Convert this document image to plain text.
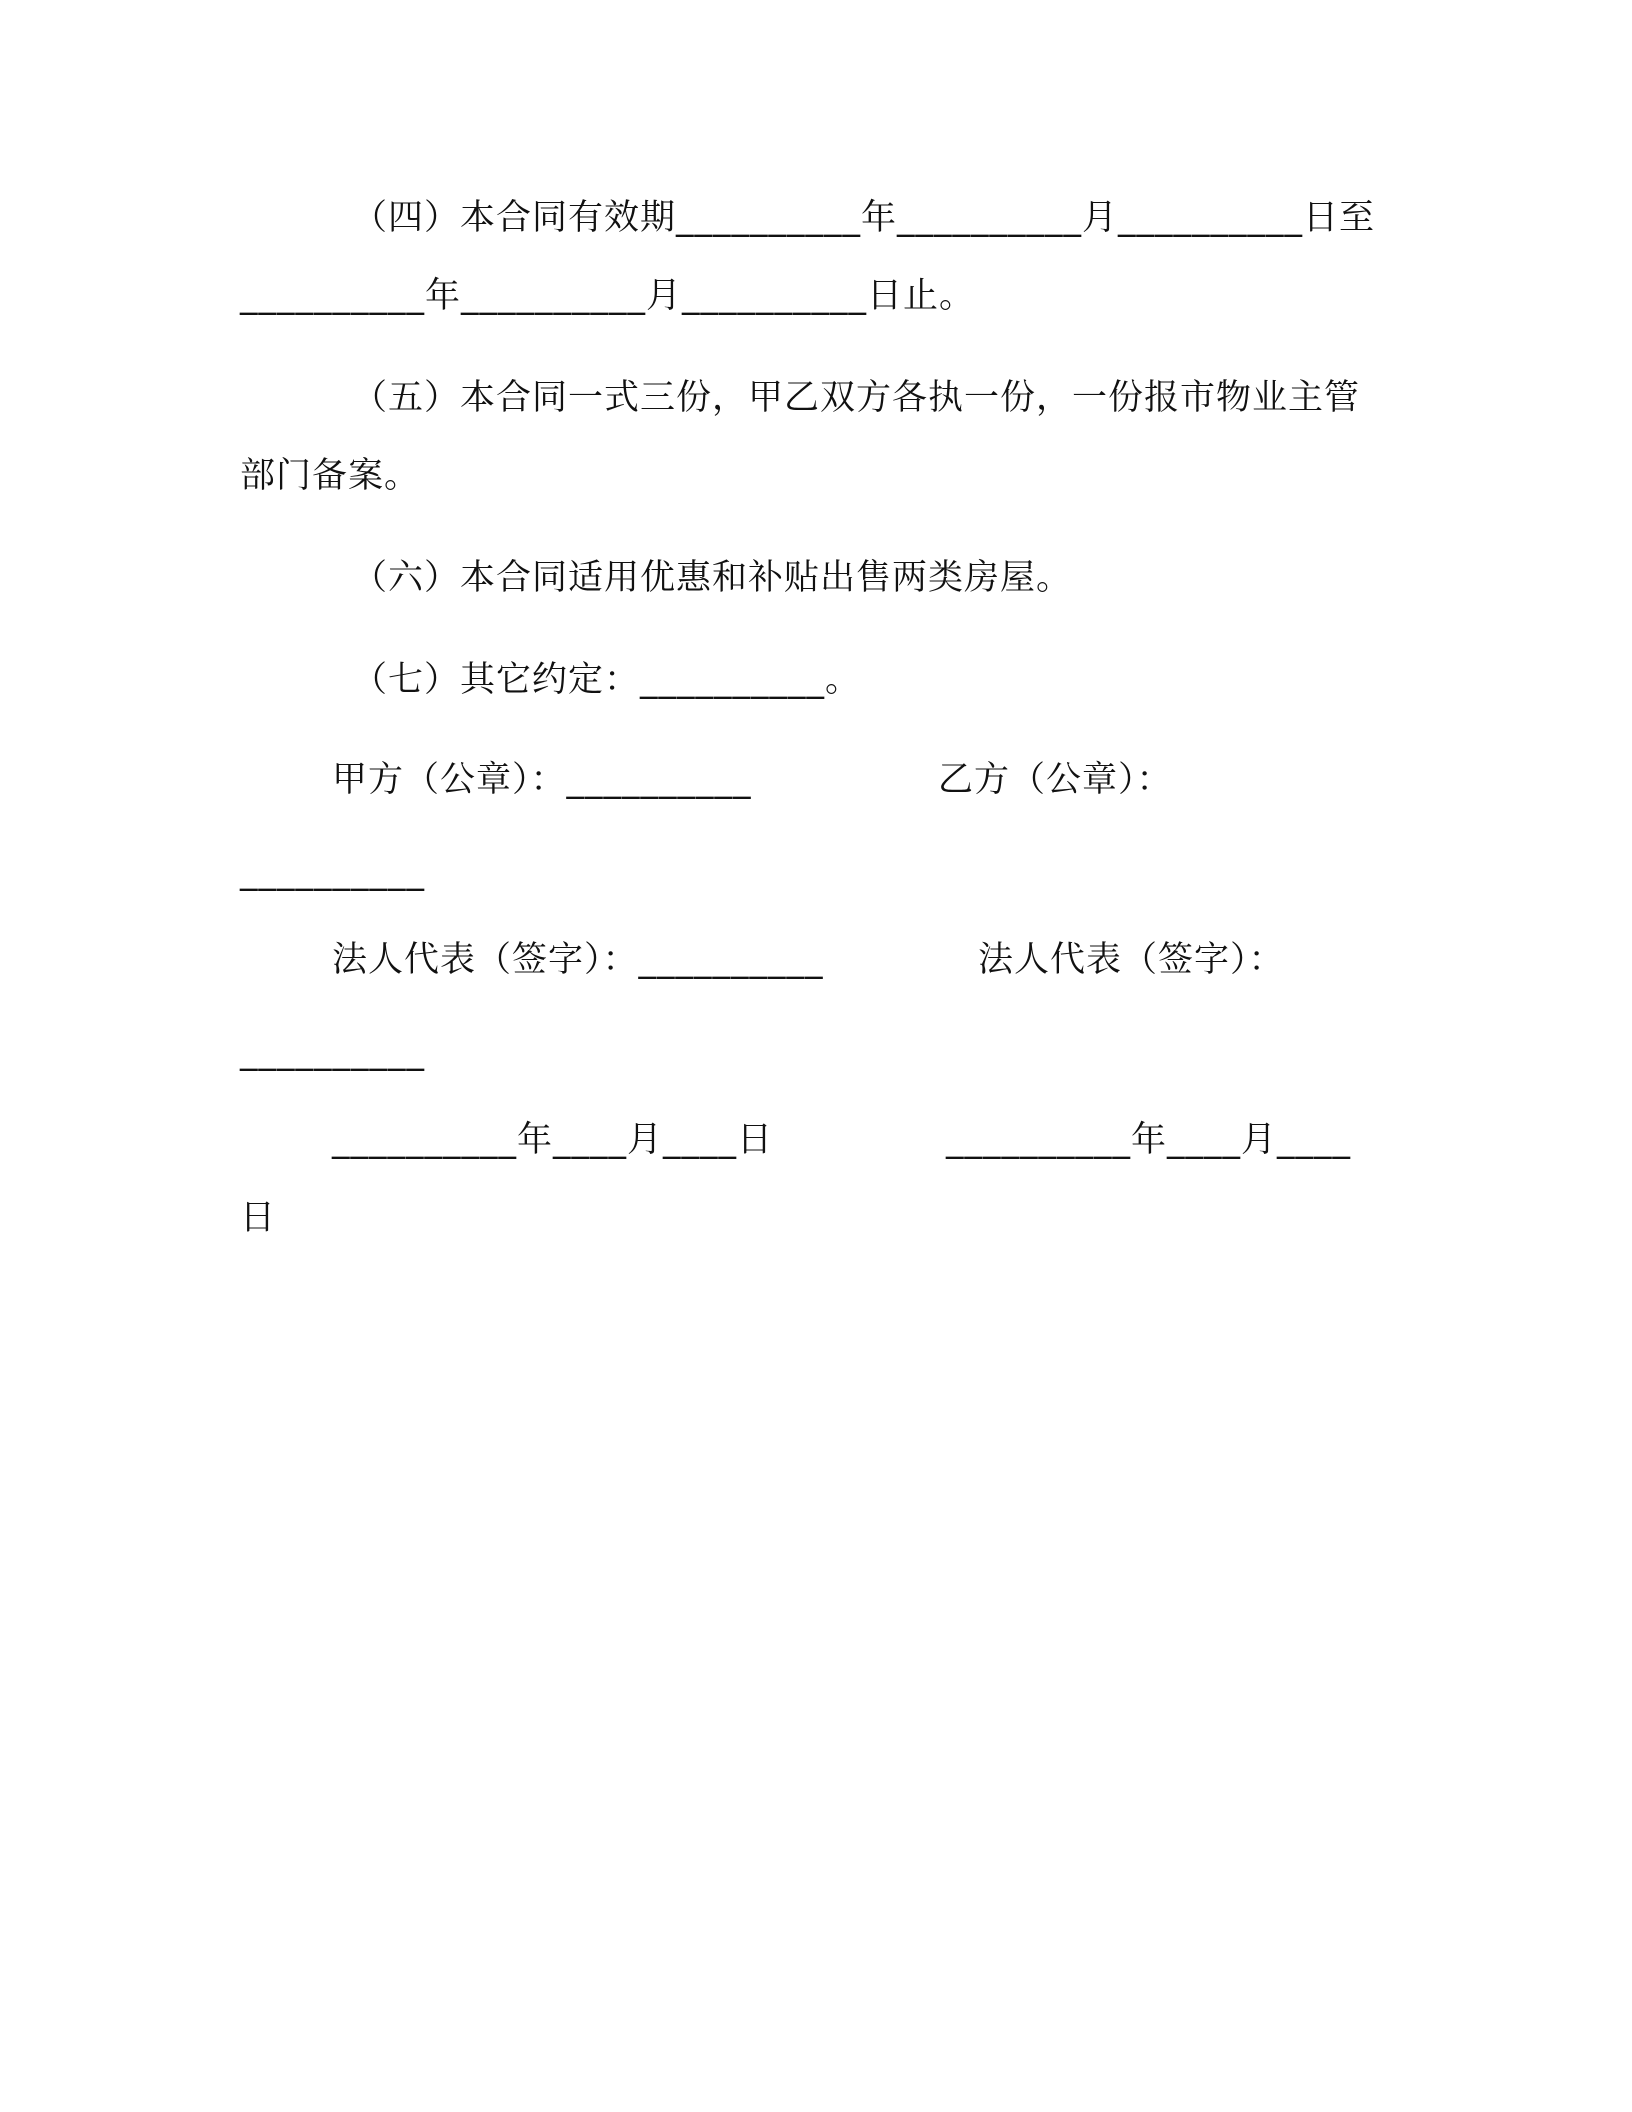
（四）本合同有效期__________年__________月__________日至
__________年__________月__________日止。
（五）本合同一式三份，甲乙双方各执一份，一份报市物业主管
部门备案。
（六）本合同适用优惠和补贴出售两类房屋。
（七）其它约定：__________。
甲方（公章）：__________	乙方（公章）：
__________
法人代表（签字）：__________	法人代表（签字）：
__________
__________年____月____日	__________年____月____
日
